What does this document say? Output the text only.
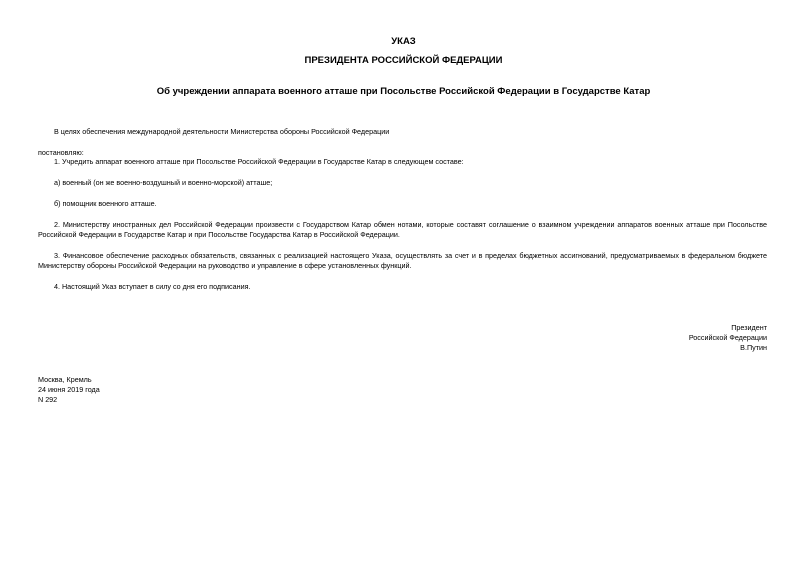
УКАЗ
ПРЕЗИДЕНТА РОССИЙСКОЙ ФЕДЕРАЦИИ
Об учреждении аппарата военного атташе при Посольстве Российской Федерации в Государстве Катар
В целях обеспечения международной деятельности Министерства обороны Российской Федерации
постановляю:
1. Учредить аппарат военного атташе при Посольстве Российской Федерации в Государстве Катар в следующем составе:
а) военный (он же военно-воздушный и военно-морской) атташе;
б) помощник военного атташе.
2. Министерству иностранных дел Российской Федерации произвести с Государством Катар обмен нотами, которые составят соглашение о взаимном учреждении аппаратов военных атташе при Посольстве Российской Федерации в Государстве Катар и при Посольстве Государства Катар в Российской Федерации.
3. Финансовое обеспечение расходных обязательств, связанных с реализацией настоящего Указа, осуществлять за счет и в пределах бюджетных ассигнований, предусматриваемых в федеральном бюджете Министерству обороны Российской Федерации на руководство и управление в сфере установленных функций.
4. Настоящий Указ вступает в силу со дня его подписания.
Президент
Российской Федерации
В.Путин
Москва, Кремль
24 июня 2019 года
N 292
